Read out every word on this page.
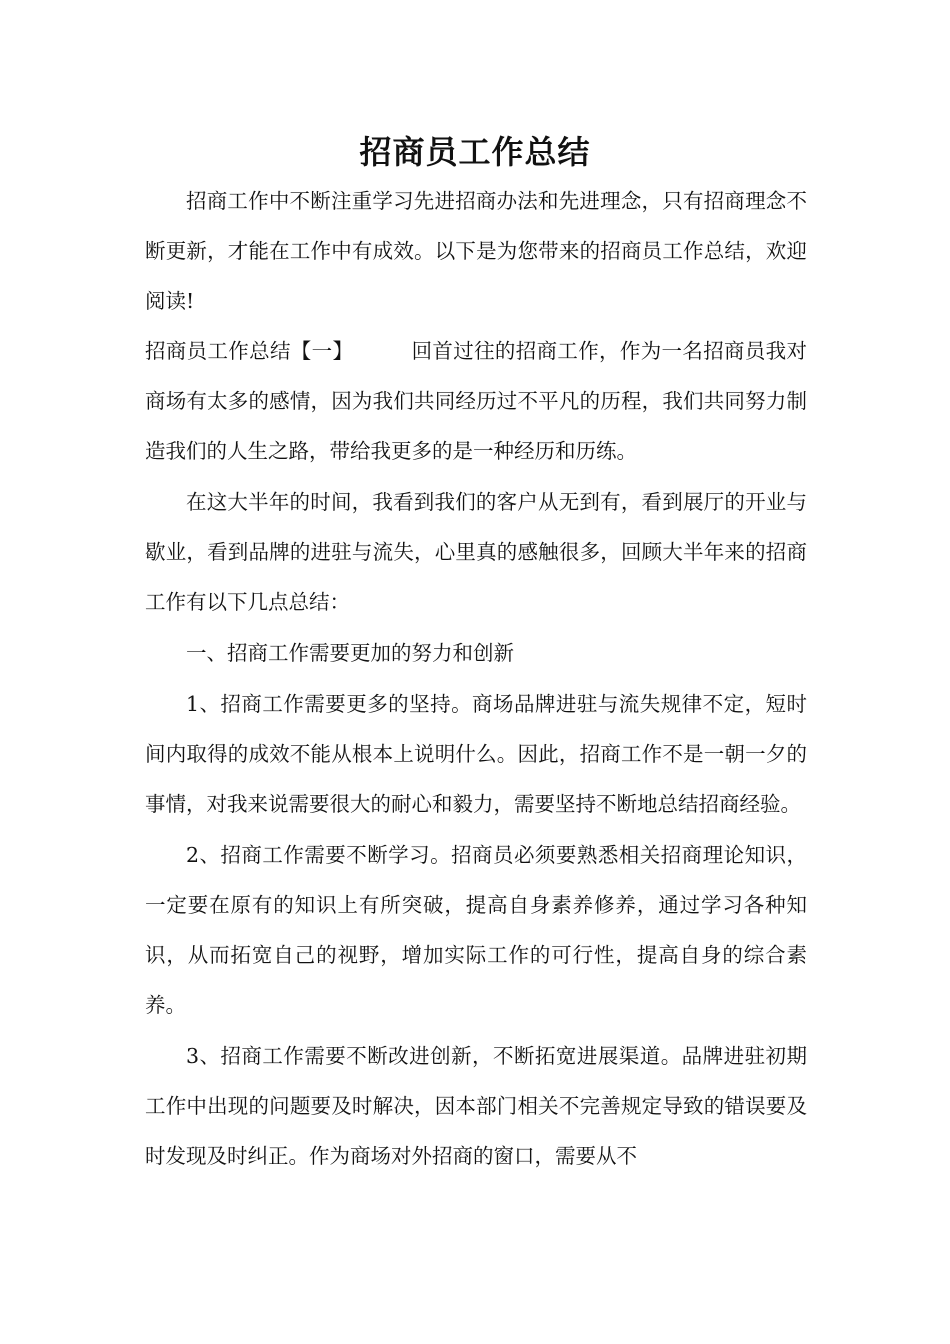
招商员工作总结

招商工作中不断注重学习先进招商办法和先进理念，只有招商理念不断更新，才能在工作中有成效。以下是为您带来的招商员工作总结，欢迎阅读!

招商员工作总结【一】	回首过往的招商工作，作为一名招商员我对商场有太多的感情，因为我们共同经历过不平凡的历程，我们共同努力制造我们的人生之路，带给我更多的是一种经历和历练。

在这大半年的时间，我看到我们的客户从无到有，看到展厅的开业与歇业，看到品牌的进驻与流失，心里真的感触很多，回顾大半年来的招商工作有以下几点总结：

一、招商工作需要更加的努力和创新

1、招商工作需要更多的坚持。商场品牌进驻与流失规律不定，短时间内取得的成效不能从根本上说明什么。因此，招商工作不是一朝一夕的事情，对我来说需要很大的耐心和毅力，需要坚持不断地总结招商经验。

2、招商工作需要不断学习。招商员必须要熟悉相关招商理论知识，一定要在原有的知识上有所突破，提高自身素养修养，通过学习各种知识，从而拓宽自己的视野，增加实际工作的可行性，提高自身的综合素养。

3、招商工作需要不断改进创新，不断拓宽进展渠道。品牌进驻初期工作中出现的问题要及时解决，因本部门相关不完善规定导致的错误要及时发现及时纠正。作为商场对外招商的窗口，需要从不
